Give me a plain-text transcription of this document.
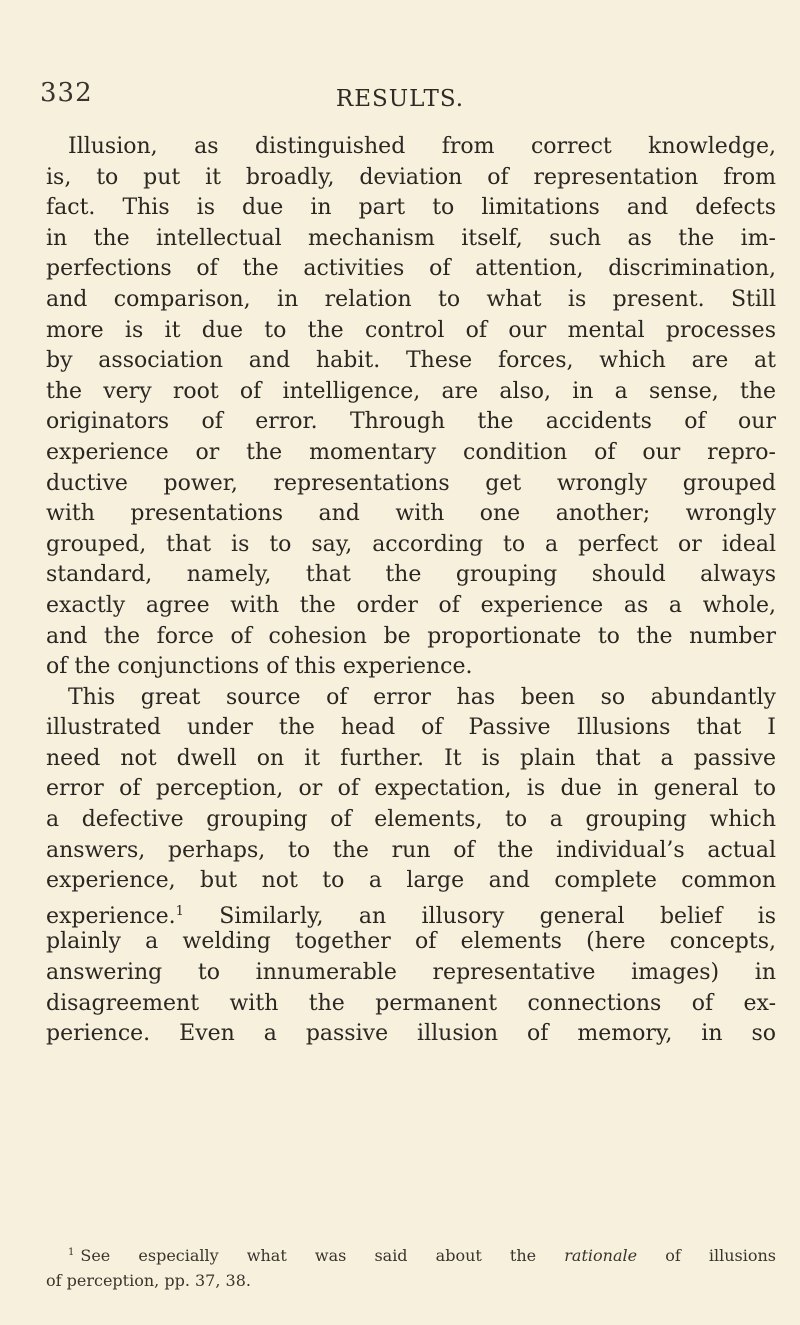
332	RESULTS.
Illusion, as distinguished from correct knowledge,
is, to put it broadly, deviation of representation from
fact. This is due in part to limitations and defects
in the intellectual mechanism itself, such as the im-
perfections of the activities of attention, discrimination,
and comparison, in relation to what is present. Still
more is it due to the control of our mental processes
by association and habit. These forces, which are at
the very root of intelligence, are also, in a sense, the
originators of error. Through the accidents of our
experience or the momentary condition of our repro-
ductive power, representations get wrongly grouped
with presentations and with one another; wrongly
grouped, that is to say, according to a perfect or ideal
standard, namely, that the grouping should always
exactly agree with the order of experience as a whole,
and the force of cohesion be proportionate to the number
of the conjunctions of this experience.
This great source of error has been so abundantly
illustrated under the head of Passive Illusions that I
need not dwell on it further. It is plain that a passive
error of perception, or of expectation, is due in general to
a defective grouping of elements, to a grouping which
answers, perhaps, to the run of the individual’s actual
experience, but not to a large and complete common
experience.$^1$ Similarly, an illusory general belief is
plainly a welding together of elements (here concepts,
answering to innumerable representative images) in
disagreement with the permanent connections of ex-
perience. Even a passive illusion of memory, in so
$^1$ See especially what was said about the rationale of illusions
of perception, pp. 37, 38.
